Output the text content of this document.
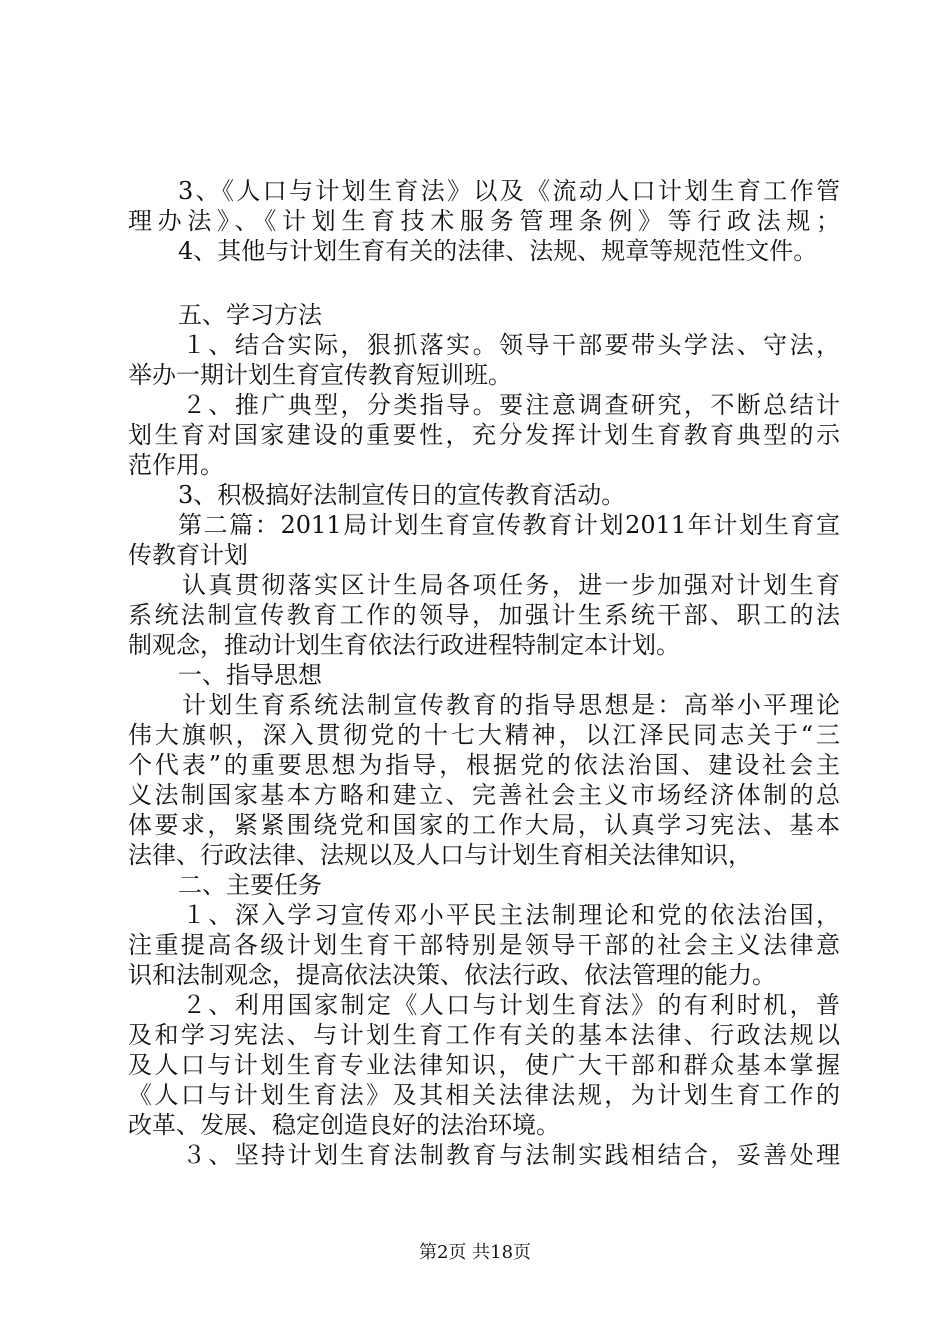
3、《人口与计划生育法》以及《流动人口计划生育工作管
理办法》、《计划生育技术服务管理条例》等行政法规；
4、其他与计划生育有关的法律、法规、规章等规范性文件。
五、学习方法
１、结合实际，狠抓落实。领导干部要带头学法、守法，
举办一期计划生育宣传教育短训班。
２、推广典型，分类指导。要注意调查研究，不断总结计
划生育对国家建设的重要性，充分发挥计划生育教育典型的示
范作用。
3、积极搞好法制宣传日的宣传教育活动。
第二篇：2011局计划生育宣传教育计划2011年计划生育宣
传教育计划
认真贯彻落实区计生局各项任务，进一步加强对计划生育
系统法制宣传教育工作的领导，加强计生系统干部、职工的法
制观念，推动计划生育依法行政进程特制定本计划。
一、指导思想
计划生育系统法制宣传教育的指导思想是：高举小平理论
伟大旗帜，深入贯彻党的十七大精神，以江泽民同志关于“三
个代表”的重要思想为指导，根据党的依法治国、建设社会主
义法制国家基本方略和建立、完善社会主义市场经济体制的总
体要求，紧紧围绕党和国家的工作大局，认真学习宪法、基本
法律、行政法律、法规以及人口与计划生育相关法律知识，
二、主要任务
１、深入学习宣传邓小平民主法制理论和党的依法治国，
注重提高各级计划生育干部特别是领导干部的社会主义法律意
识和法制观念，提高依法决策、依法行政、依法管理的能力。
２、利用国家制定《人口与计划生育法》的有利时机，普
及和学习宪法、与计划生育工作有关的基本法律、行政法规以
及人口与计划生育专业法律知识，使广大干部和群众基本掌握
《人口与计划生育法》及其相关法律法规，为计划生育工作的
改革、发展、稳定创造良好的法治环境。
３、坚持计划生育法制教育与法制实践相结合，妥善处理
第2页 共18页
